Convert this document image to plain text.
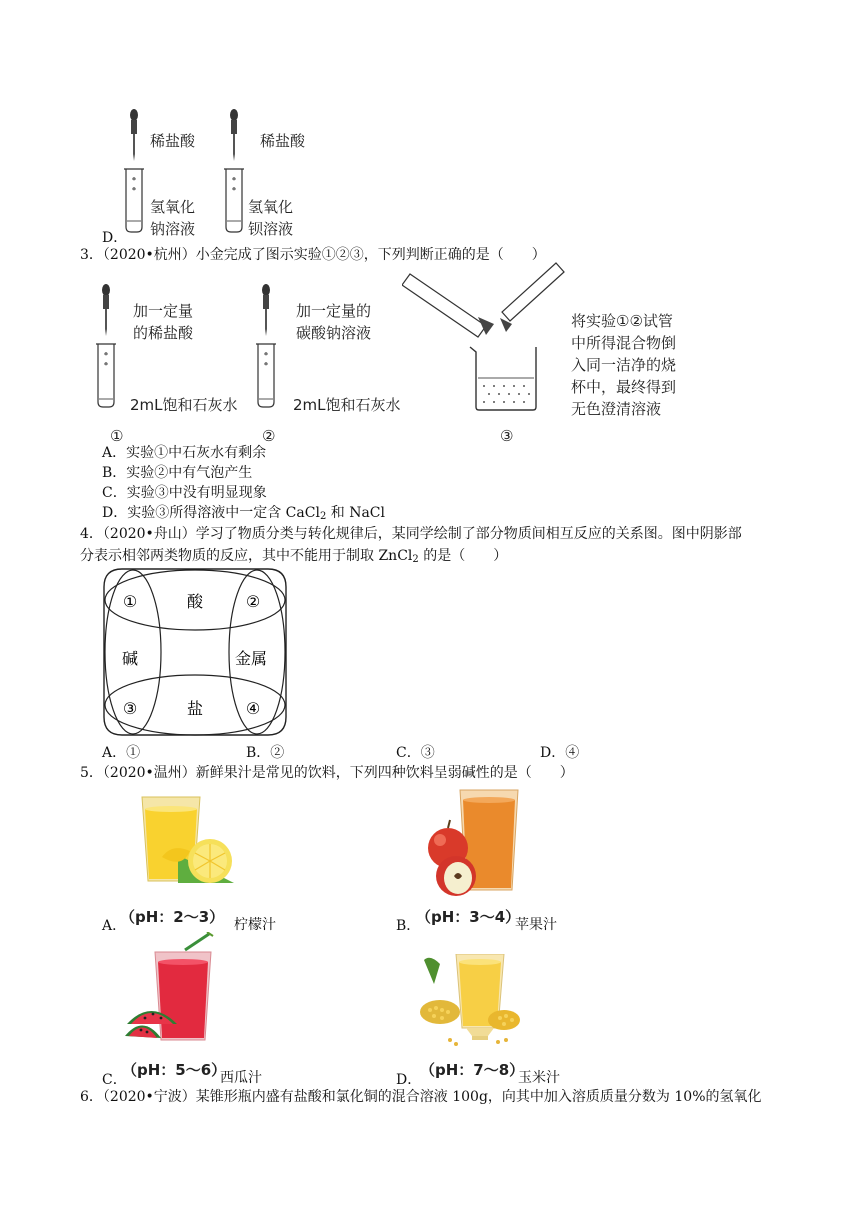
稀盐酸
氢氧化
钠溶液
稀盐酸
氢氧化
钡溶液
D．
3．（2020•杭州）小金完成了图示实验①②③，下列判断正确的是（　　）
加一定量
的稀盐酸
2mL饱和石灰水
①
加一定量的
碳酸钠溶液
2mL饱和石灰水
②
将实验①②试管
中所得混合物倒
入同一洁净的烧
杯中，最终得到
无色澄清溶液
③
A．实验①中石灰水有剩余
B．实验②中有气泡产生
C．实验③中没有明显现象
D．实验③所得溶液中一定含 CaCl$_2$ 和 NaCl
4．（2020•舟山）学习了物质分类与转化规律后，某同学绘制了部分物质间相互反应的关系图。图中阴影部
分表示相邻两类物质的反应，其中不能用于制取 ZnCl$_2$ 的是（　　）
酸
碱	金属
盐
①	②
③	④
A．①	B．②	C．③	D．④
5．（2020•温州）新鲜果汁是常见的饮料，下列四种饮料呈弱碱性的是（　　）
A．
（pH：2～3） 柠檬汁	B．
（pH：3～4）
苹果汁
C．
（pH：5～6）
西瓜汁	D．
（pH：7～8）
玉米汁
6．（2020•宁波）某锥形瓶内盛有盐酸和氯化铜的混合溶液 100g，向其中加入溶质质量分数为 10%的氢氧化
